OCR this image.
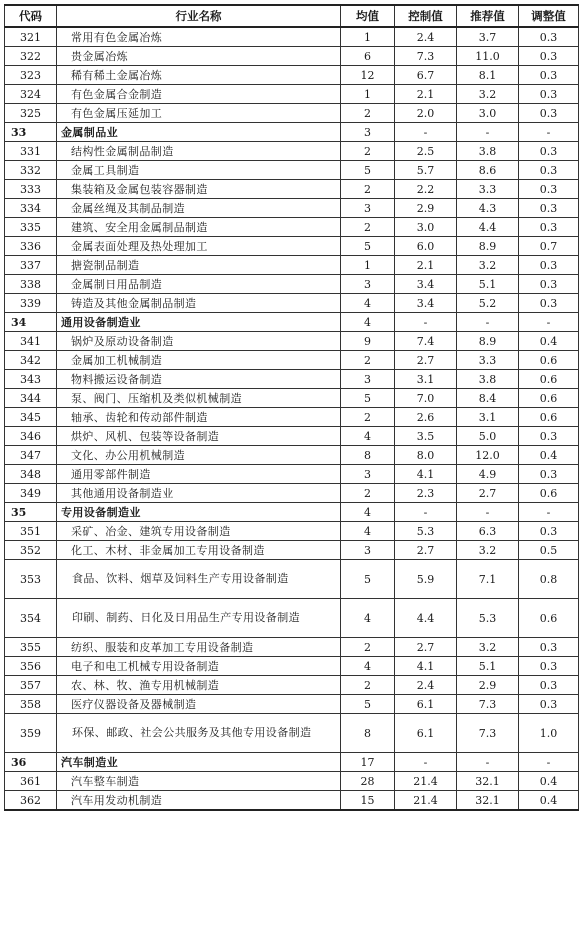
代码	行业名称	均值	控制值	推荐值	调整值
321	常用有色金属冶炼	1	2.4	3.7	0.3
322	贵金属冶炼	6	7.3	11.0	0.3
323	稀有稀土金属冶炼	12	6.7	8.1	0.3
324	有色金属合金制造	1	2.1	3.2	0.3
325	有色金属压延加工	2	2.0	3.0	0.3
33	金属制品业	3	-	-	-
331	结构性金属制品制造	2	2.5	3.8	0.3
332	金属工具制造	5	5.7	8.6	0.3
333	集装箱及金属包装容器制造	2	2.2	3.3	0.3
334	金属丝绳及其制品制造	3	2.9	4.3	0.3
335	建筑、安全用金属制品制造	2	3.0	4.4	0.3
336	金属表面处理及热处理加工	5	6.0	8.9	0.7
337	搪瓷制品制造	1	2.1	3.2	0.3
338	金属制日用品制造	3	3.4	5.1	0.3
339	铸造及其他金属制品制造	4	3.4	5.2	0.3
34	通用设备制造业	4	-	-	-
341	锅炉及原动设备制造	9	7.4	8.9	0.4
342	金属加工机械制造	2	2.7	3.3	0.6
343	物料搬运设备制造	3	3.1	3.8	0.6
344	泵、阀门、压缩机及类似机械制造	5	7.0	8.4	0.6
345	轴承、齿轮和传动部件制造	2	2.6	3.1	0.6
346	烘炉、风机、包装等设备制造	4	3.5	5.0	0.3
347	文化、办公用机械制造	8	8.0	12.0	0.4
348	通用零部件制造	3	4.1	4.9	0.3
349	其他通用设备制造业	2	2.3	2.7	0.6
35	专用设备制造业	4	-	-	-
351	采矿、冶金、建筑专用设备制造	4	5.3	6.3	0.3
352	化工、木材、非金属加工专用设备制造	3	2.7	3.2	0.5
353	食品、饮料、烟草及饲料生产专用设备制造	5	5.9	7.1	0.8
354	印刷、制药、日化及日用品生产专用设备制造	4	4.4	5.3	0.6
355	纺织、服装和皮革加工专用设备制造	2	2.7	3.2	0.3
356	电子和电工机械专用设备制造	4	4.1	5.1	0.3
357	农、林、牧、渔专用机械制造	2	2.4	2.9	0.3
358	医疗仪器设备及器械制造	5	6.1	7.3	0.3
359	环保、邮政、社会公共服务及其他专用设备制造	8	6.1	7.3	1.0
36	汽车制造业	17	-	-	-
361	汽车整车制造	28	21.4	32.1	0.4
362	汽车用发动机制造	15	21.4	32.1	0.4
